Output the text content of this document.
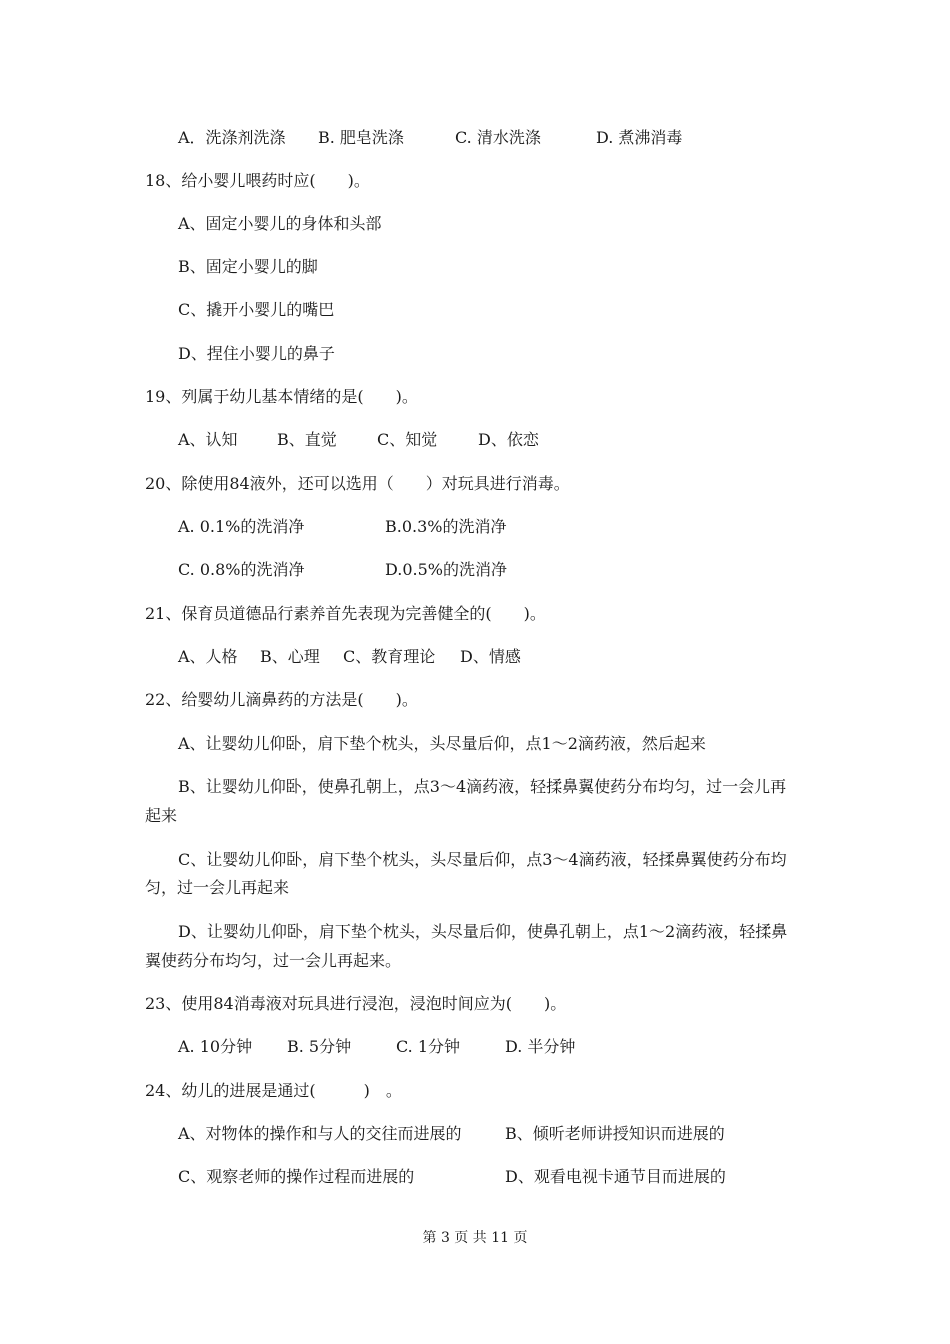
A．洗涤剂洗涤 B. 肥皂洗涤	C. 清水洗涤	D. 煮沸消毒
18、给小婴儿喂药时应(　　)。
A、固定小婴儿的身体和头部
B、固定小婴儿的脚
C、撬开小婴儿的嘴巴
D、捏住小婴儿的鼻子
19、列属于幼儿基本情绪的是(　　)。
A、认知 B、直觉	C、知觉	D、依恋
20、除使用84液外，还可以选用（　　）对玩具进行消毒。
A. 0.1%的洗消净	B.0.3%的洗消净
C. 0.8%的洗消净	D.0.5%的洗消净
21、保育员道德品行素养首先表现为完善健全的(　　)。
A、人格 B、心理 C、教育理论 D、情感
22、给婴幼儿滴鼻药的方法是(　　)。
A、让婴幼儿仰卧，肩下垫个枕头，头尽量后仰，点1～2滴药液，然后起来
B、让婴幼儿仰卧，使鼻孔朝上，点3～4滴药液，轻揉鼻翼使药分布均匀，过一会儿再
起来
C、让婴幼儿仰卧，肩下垫个枕头，头尽量后仰，点3～4滴药液，轻揉鼻翼使药分布均
匀，过一会儿再起来
D、让婴幼儿仰卧，肩下垫个枕头，头尽量后仰，使鼻孔朝上，点1～2滴药液，轻揉鼻
翼使药分布均匀，过一会儿再起来。
23、使用84消毒液对玩具进行浸泡，浸泡时间应为(　　)。
A. 10分钟 B. 5分钟	C. 1分钟	D. 半分钟
24、幼儿的进展是通过(　　　)　。
A、对物体的操作和与人的交往而进展的	B、倾听老师讲授知识而进展的
C、观察老师的操作过程而进展的	D、观看电视卡通节目而进展的
第 3 页 共 11 页
